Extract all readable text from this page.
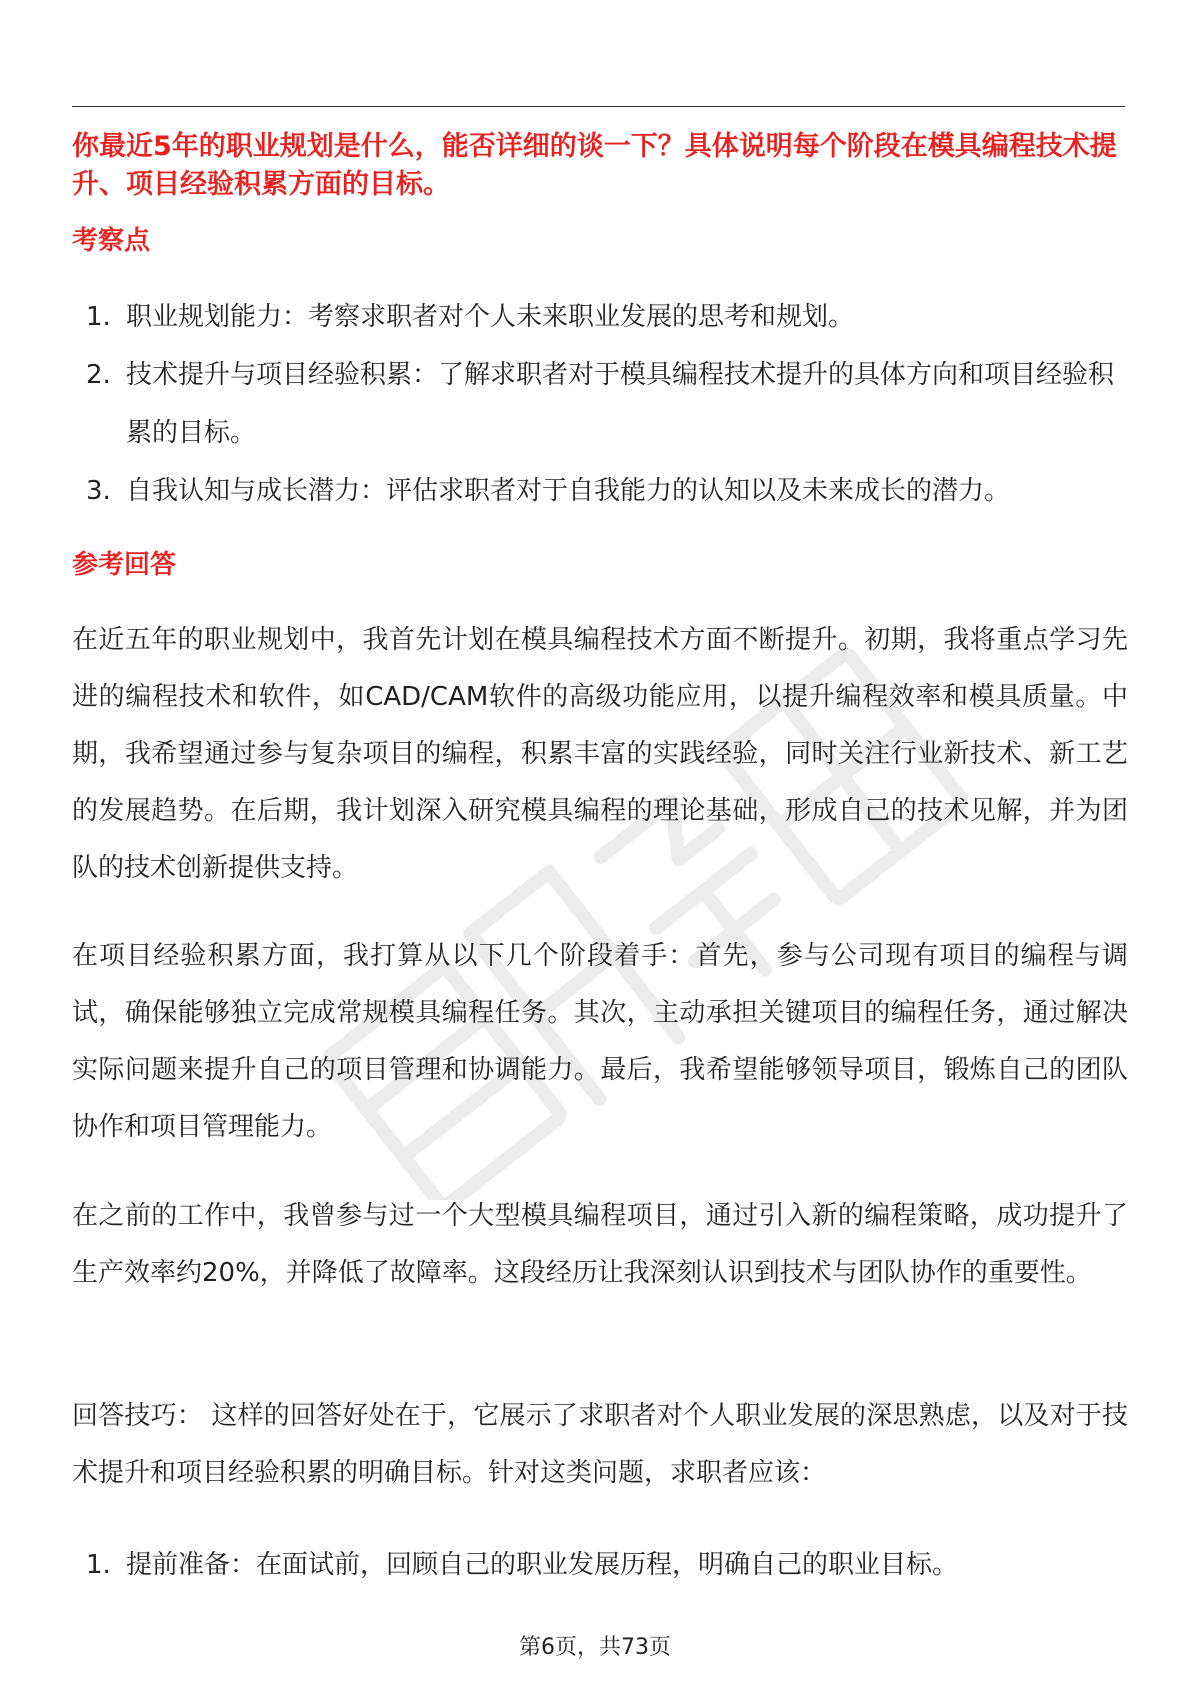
你最近5年的职业规划是什么，能否详细的谈一下？具体说明每个阶段在模具编程技术提升、项目经验积累方面的目标。
考察点
1. 职业规划能力：考察求职者对个人未来职业发展的思考和规划。
2. 技术提升与项目经验积累：了解求职者对于模具编程技术提升的具体方向和项目经验积累的目标。
3. 自我认知与成长潜力：评估求职者对于自我能力的认知以及未来成长的潜力。
参考回答

在近五年的职业规划中，我首先计划在模具编程技术方面不断提升。初期，我将重点学习先进的编程技术和软件，如CAD/CAM软件的高级功能应用，以提升编程效率和模具质量。中期，我希望通过参与复杂项目的编程，积累丰富的实践经验，同时关注行业新技术、新工艺的发展趋势。在后期，我计划深入研究模具编程的理论基础，形成自己的技术见解，并为团队的技术创新提供支持。

在项目经验积累方面，我打算从以下几个阶段着手：首先，参与公司现有项目的编程与调试，确保能够独立完成常规模具编程任务。其次，主动承担关键项目的编程任务，通过解决实际问题来提升自己的项目管理和协调能力。最后，我希望能够领导项目，锻炼自己的团队协作和项目管理能力。

在之前的工作中，我曾参与过一个大型模具编程项目，通过引入新的编程策略，成功提升了生产效率约20%，并降低了故障率。这段经历让我深刻认识到技术与团队协作的重要性。

回答技巧： 这样的回答好处在于，它展示了求职者对个人职业发展的深思熟虑，以及对于技术提升和项目经验积累的明确目标。针对这类问题，求职者应该：

1. 提前准备：在面试前，回顾自己的职业发展历程，明确自己的职业目标。
第6页，共73页
